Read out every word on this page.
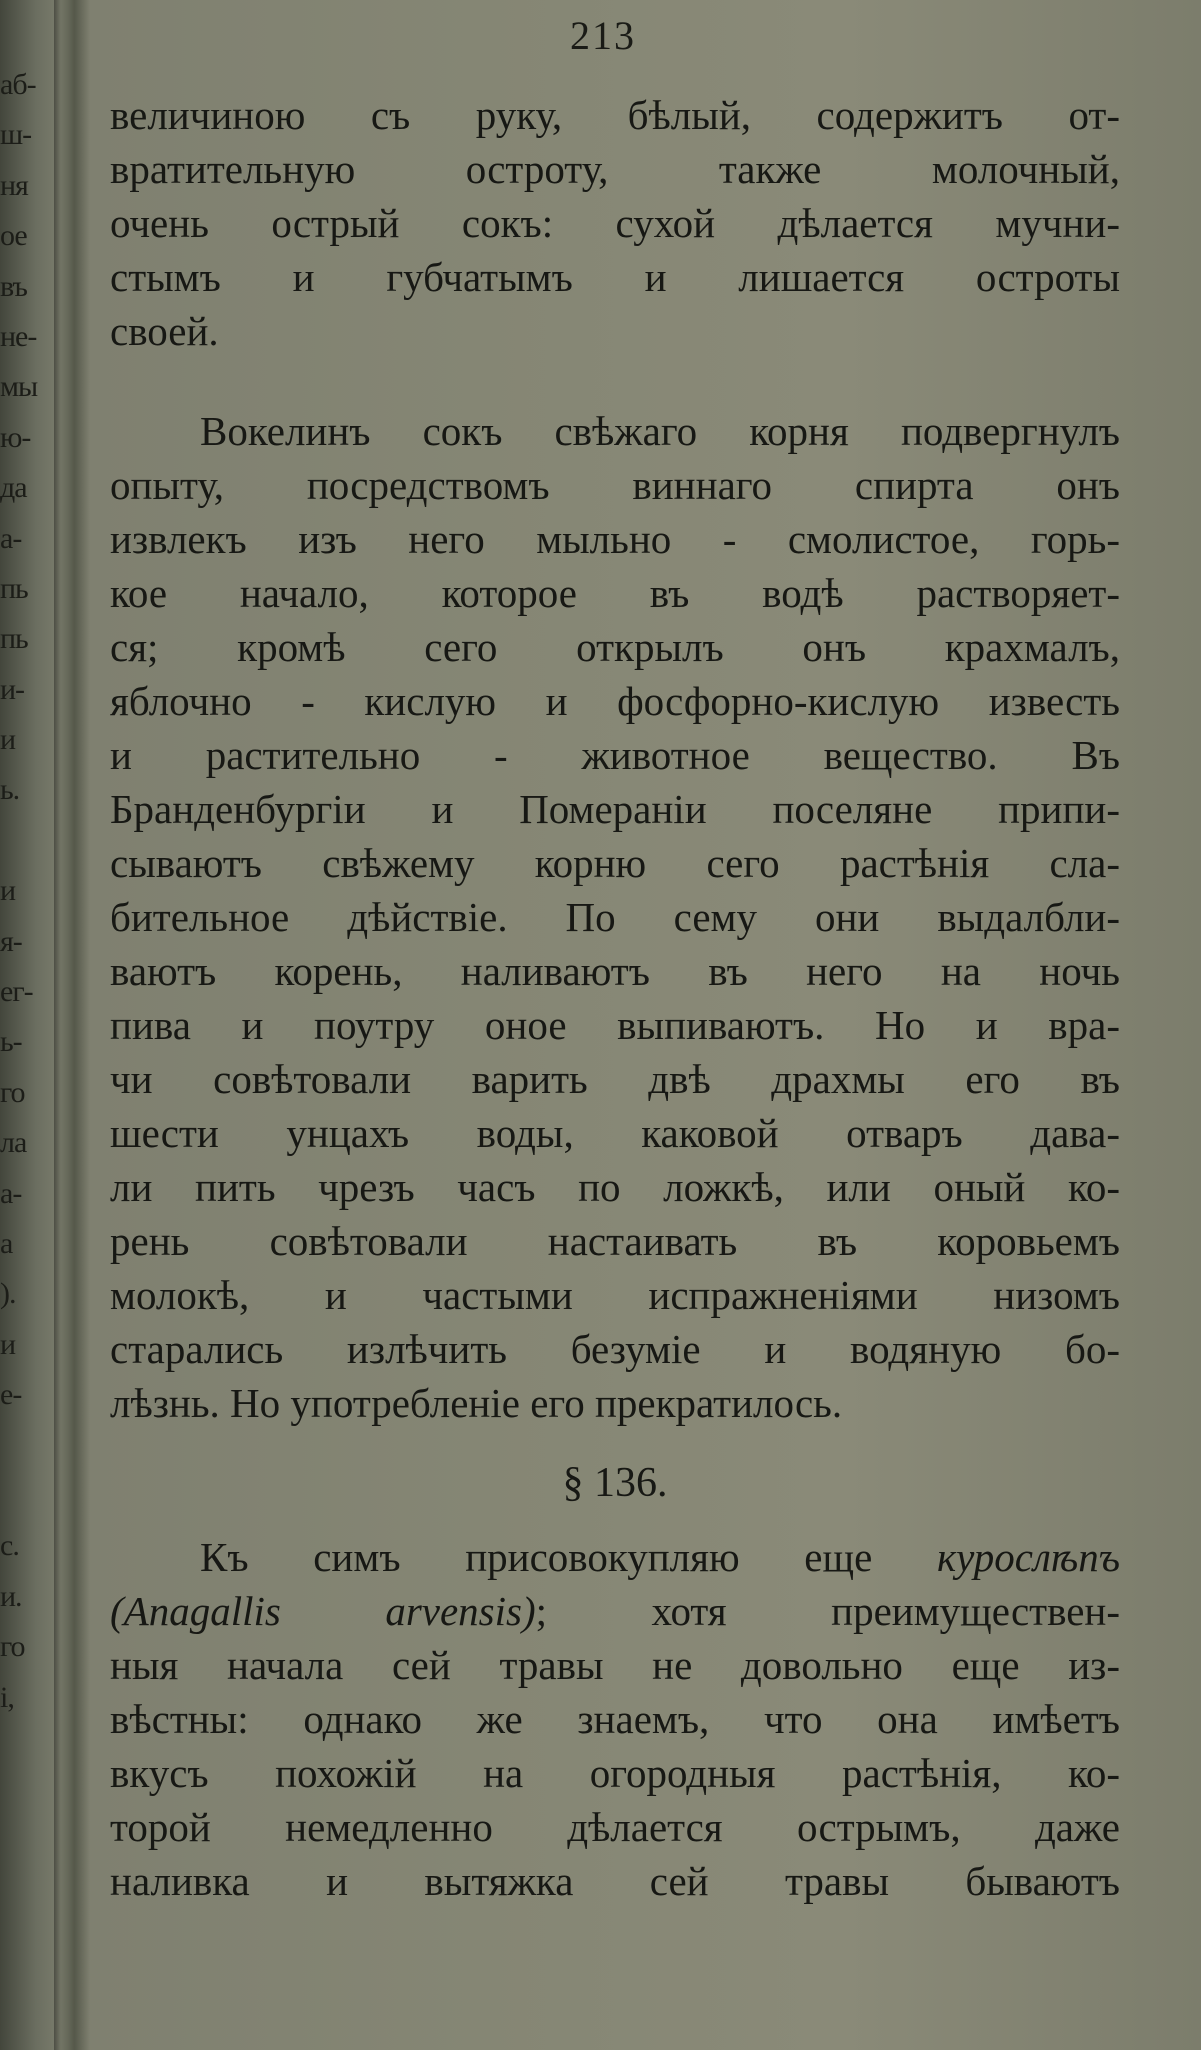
аб-
ш-
ня
ое
въ
не-
мы
ю-
да
а-
пь
пь
и-
и
ь.
и
я-
ег-
ь-
го
ла
а-
а
).
и
е-
с.
и.
го
і,
213
величиною съ руку, бѣлый, содержитъ от-
вратительную остроту, также молочный,
очень острый сокъ: сухой дѣлается мучни-
стымъ и губчатымъ и лишается остроты
своей.
Вокелинъ сокъ свѣжаго корня подвергнулъ
опыту, посредствомъ виннаго спирта онъ
извлекъ изъ него мыльно - смолистое, горь-
кое начало, которое въ водѣ растворяет-
ся; кромѣ сего открылъ онъ крахмалъ,
яблочно - кислую и фосфорно-кислую известь
и растительно - животное вещество. Въ
Бранденбургіи и Помераніи поселяне припи-
сываютъ свѣжему корню сего растѣнія сла-
бительное дѣйствіе. По сему они выдалбли-
ваютъ корень, наливаютъ въ него на ночь
пива и поутру оное выпиваютъ. Но и вра-
чи совѣтовали варить двѣ драхмы его въ
шести унцахъ воды, каковой отваръ дава-
ли пить чрезъ часъ по ложкѣ, или оный ко-
рень совѣтовали настаивать въ коровьемъ
молокѣ, и частыми испражненіями низомъ
старались излѣчить безуміе и водяную бо-
лѣзнь. Но употребленіе его прекратилось.
§ 136.
Къ симъ присовокупляю еще курослѣпъ
(Anagallis arvensis); хотя преимуществен-
ныя начала сей травы не довольно еще из-
вѣстны: однако же знаемъ, что она имѣетъ
вкусъ похожій на огородныя растѣнія, ко-
торой немедленно дѣлается острымъ, даже
наливка и вытяжка сей травы бываютъ
